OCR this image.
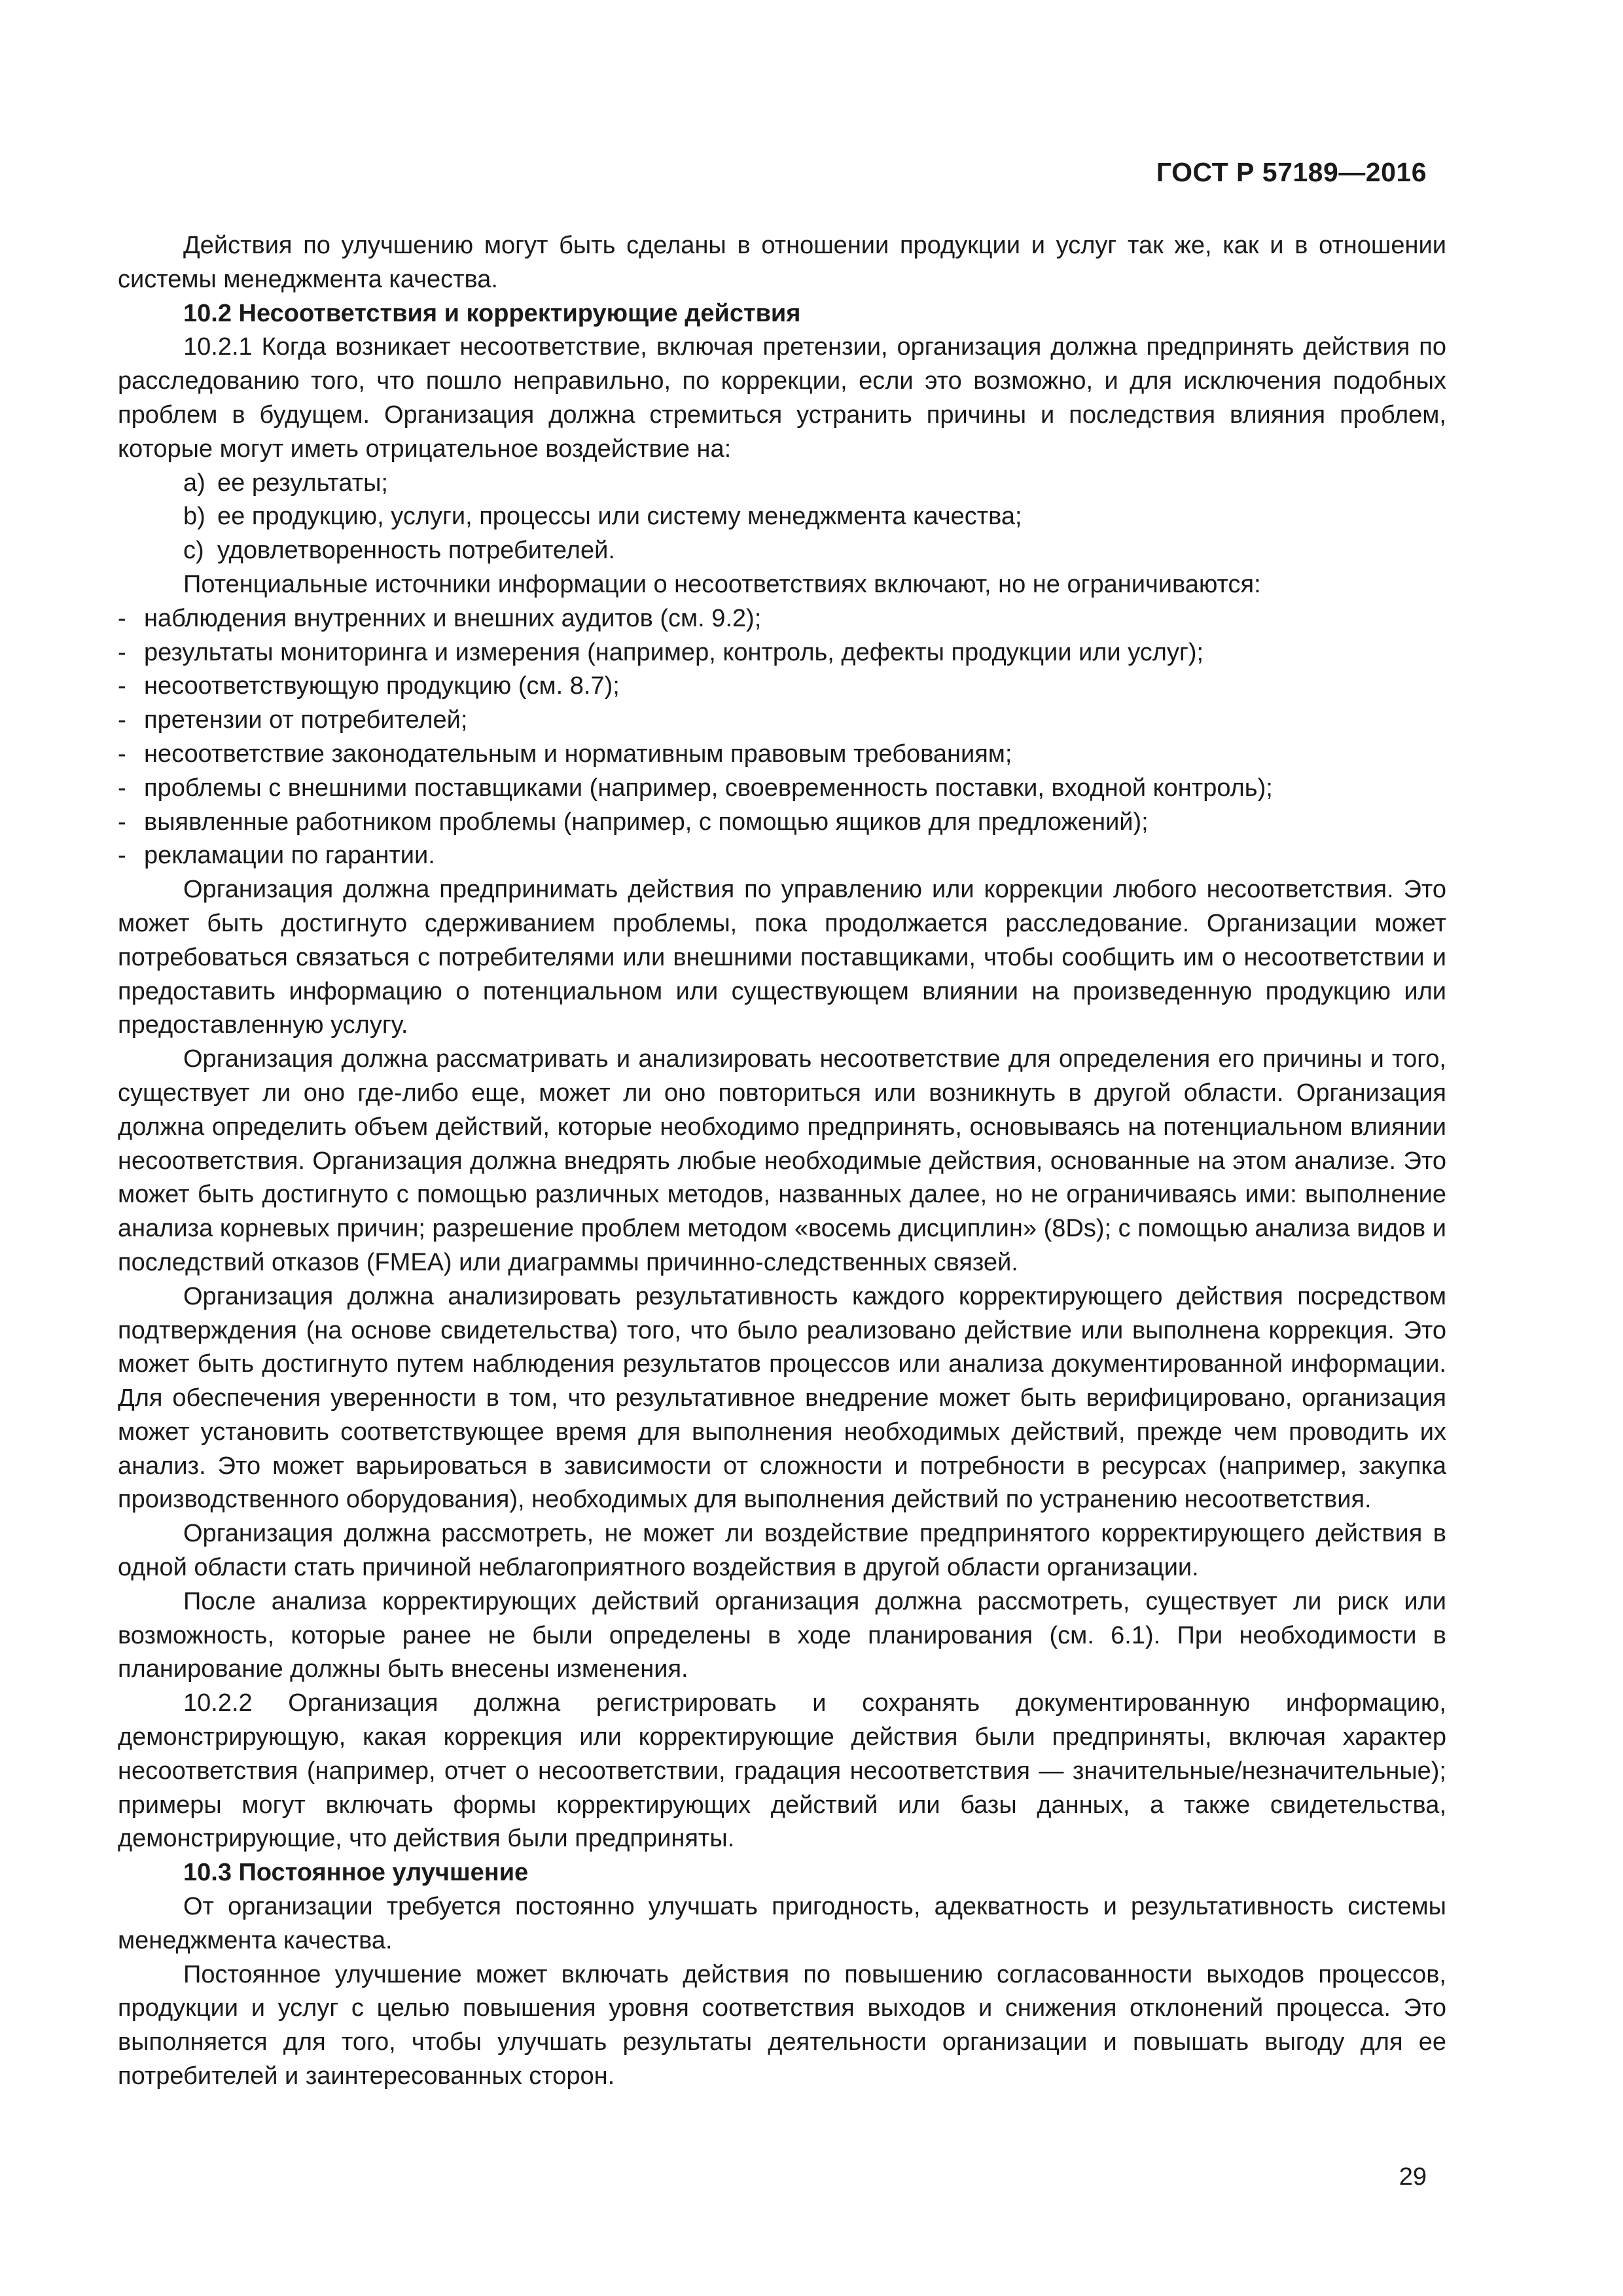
ГОСТ Р 57189—2016

Действия по улучшению могут быть сделаны в отношении продукции и услуг так же, как и в отношении системы менеджмента качества.

10.2 Несоответствия и корректирующие действия

10.2.1 Когда возникает несоответствие, включая претензии, организация должна предпринять действия по расследованию того, что пошло неправильно, по коррекции, если это возможно, и для исключения подобных проблем в будущем. Организация должна стремиться устранить причины и последствия влияния проблем, которые могут иметь отрицательное воздействие на:

a) ее результаты;
b) ее продукцию, услуги, процессы или систему менеджмента качества;
c) удовлетворенность потребителей.

Потенциальные источники информации о несоответствиях включают, но не ограничиваются:

- наблюдения внутренних и внешних аудитов (см. 9.2);
- результаты мониторинга и измерения (например, контроль, дефекты продукции или услуг);
- несоответствующую продукцию (см. 8.7);
- претензии от потребителей;
- несоответствие законодательным и нормативным правовым требованиям;
- проблемы с внешними поставщиками (например, своевременность поставки, входной контроль);
- выявленные работником проблемы (например, с помощью ящиков для предложений);
- рекламации по гарантии.

Организация должна предпринимать действия по управлению или коррекции любого несоответствия. Это может быть достигнуто сдерживанием проблемы, пока продолжается расследование. Организации может потребоваться связаться с потребителями или внешними поставщиками, чтобы сообщить им о несоответствии и предоставить информацию о потенциальном или существующем влиянии на произведенную продукцию или предоставленную услугу.

Организация должна рассматривать и анализировать несоответствие для определения его причины и того, существует ли оно где-либо еще, может ли оно повториться или возникнуть в другой области. Организация должна определить объем действий, которые необходимо предпринять, основываясь на потенциальном влиянии несоответствия. Организация должна внедрять любые необходимые действия, основанные на этом анализе. Это может быть достигнуто с помощью различных методов, названных далее, но не ограничиваясь ими: выполнение анализа корневых причин; разрешение проблем методом «восемь дисциплин» (8Ds); с помощью анализа видов и последствий отказов (FMEA) или диаграммы причинно-следственных связей.

Организация должна анализировать результативность каждого корректирующего действия посредством подтверждения (на основе свидетельства) того, что было реализовано действие или выполнена коррекция. Это может быть достигнуто путем наблюдения результатов процессов или анализа документированной информации. Для обеспечения уверенности в том, что результативное внедрение может быть верифицировано, организация может установить соответствующее время для выполнения необходимых действий, прежде чем проводить их анализ. Это может варьироваться в зависимости от сложности и потребности в ресурсах (например, закупка производственного оборудования), необходимых для выполнения действий по устранению несоответствия.

Организация должна рассмотреть, не может ли воздействие предпринятого корректирующего действия в одной области стать причиной неблагоприятного воздействия в другой области организации.

После анализа корректирующих действий организация должна рассмотреть, существует ли риск или возможность, которые ранее не были определены в ходе планирования (см. 6.1). При необходимости в планирование должны быть внесены изменения.

10.2.2 Организация должна регистрировать и сохранять документированную информацию, демонстрирующую, какая коррекция или корректирующие действия были предприняты, включая характер несоответствия (например, отчет о несоответствии, градация несоответствия — значительные/незначительные); примеры могут включать формы корректирующих действий или базы данных, а также свидетельства, демонстрирующие, что действия были предприняты.

10.3 Постоянное улучшение

От организации требуется постоянно улучшать пригодность, адекватность и результативность системы менеджмента качества.

Постоянное улучшение может включать действия по повышению согласованности выходов процессов, продукции и услуг с целью повышения уровня соответствия выходов и снижения отклонений процесса. Это выполняется для того, чтобы улучшать результаты деятельности организации и повышать выгоду для ее потребителей и заинтересованных сторон.

29
